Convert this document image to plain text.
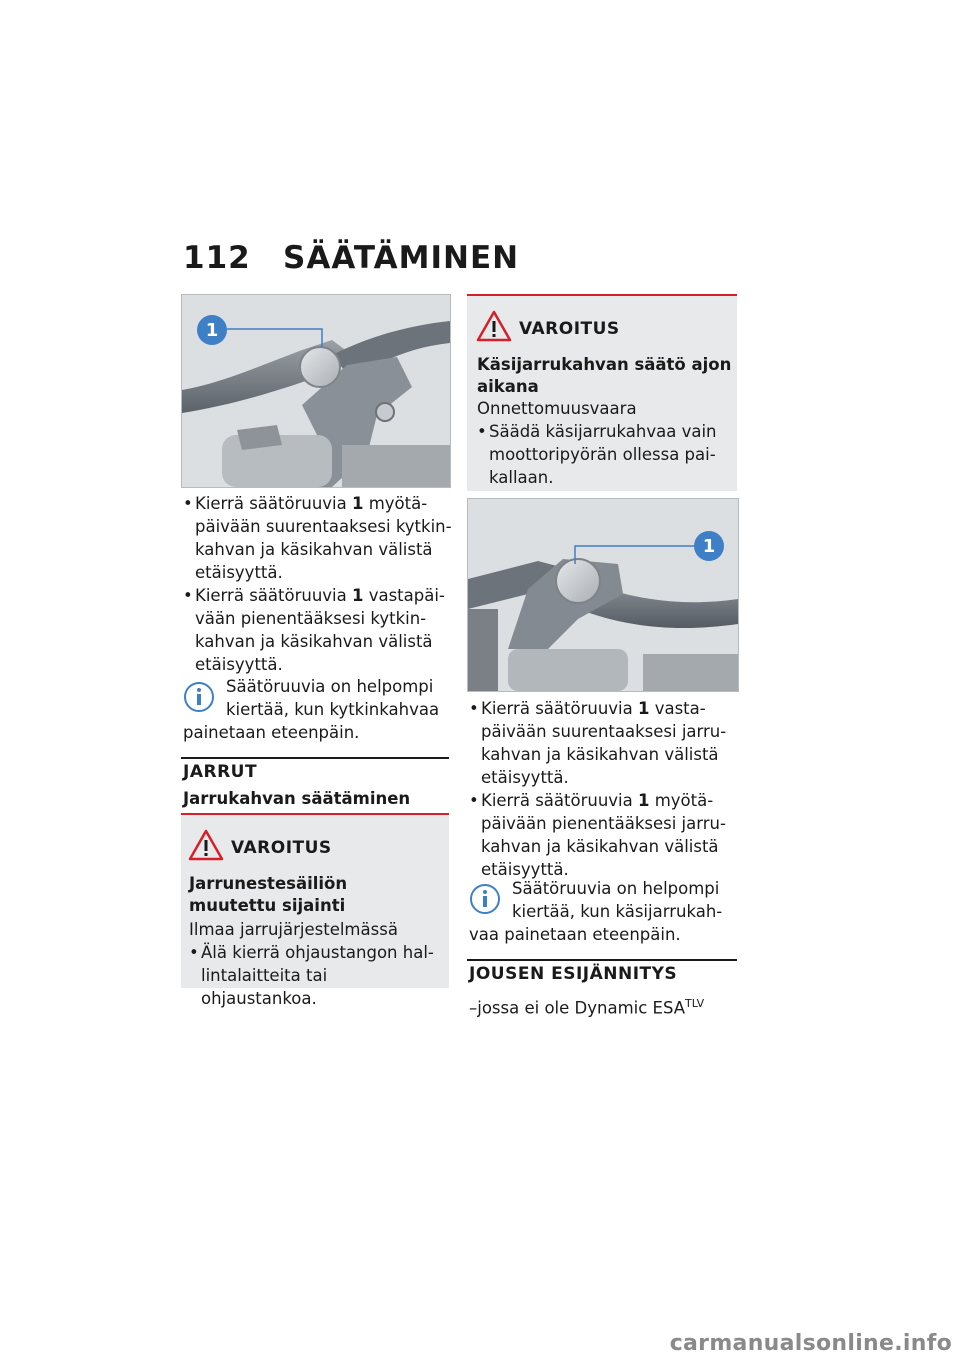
112 SÄÄTÄMINEN
1
• Kierrä säätöruuvia 1 myötä-päivään suurentaaksesi kytkin-kahvan ja käsikahvan välistä etäisyyttä.
• Kierrä säätöruuvia 1 vastapäi-vään pienentääksesi kytkin-kahvan ja käsikahvan välistä etäisyyttä.
Säätöruuvia on helpompi
kiertää, kun kytkinkahvaa
painetaan eteenpäin.
JARRUT
Jarrukahvan säätäminen
VAROITUS
Jarrunestesäiliön muutettu sijainti
Ilmaa jarrujärjestelmässä
• Älä kierrä ohjaustangon hal-lintalaitteita tai ohjaustankoa.
VAROITUS
Käsijarrukahvan säätö ajon aikana
Onnettomuusvaara
• Säädä käsijarrukahvaa vain moottoripyörän ollessa pai-kallaan.
1
• Kierrä säätöruuvia 1 vasta-päivään suurentaaksesi jarru-kahvan ja käsikahvan välistä etäisyyttä.
• Kierrä säätöruuvia 1 myötä-päivään pienentääksesi jarru-kahvan ja käsikahvan välistä etäisyyttä.
Säätöruuvia on helpompi
kiertää, kun käsijarrukah-
vaa painetaan eteenpäin.
JOUSEN ESIJÄNNITYS
–jossa ei ole Dynamic $ESA^{TLV}$
carmanualsonline.info
